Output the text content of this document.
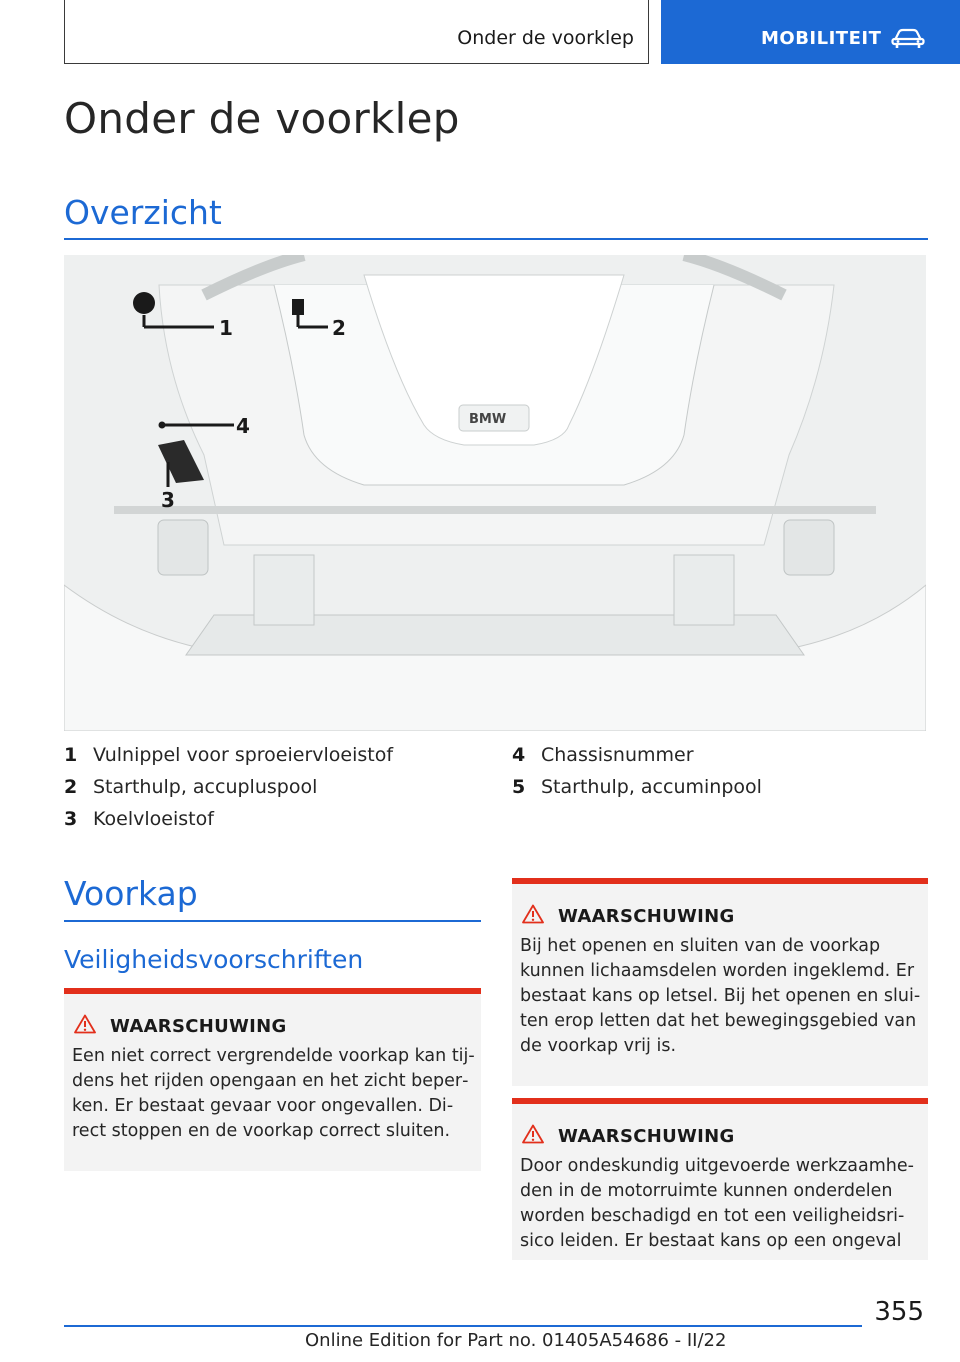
Onder de voorklep	MOBILITEIT
Onder de voorklep
Overzicht
BMW
1	2
3
4
1 Vulnippel voor sproeiervloeistof
2 Starthulp, accupluspool
3 Koelvloeistof
4 Chassisnummer
5 Starthulp, accuminpool
Voorkap
Veiligheidsvoorschriften
WAARSCHUWING

Een niet correct vergrendelde voorkap kan tijdens het rijden opengaan en het zicht beperken. Er bestaat gevaar voor ongevallen. Direct stoppen en de voorkap correct sluiten.

WAARSCHUWING

Bij het openen en sluiten van de voorkap kunnen lichaamsdelen worden ingeklemd. Er bestaat kans op letsel. Bij het openen en sluiten erop letten dat het bewegingsgebied van de voorkap vrij is.

WAARSCHUWING

Door ondeskundig uitgevoerde werkzaamheden in de motorruimte kunnen onderdelen worden beschadigd en tot een veiligheidsrisico leiden. Er bestaat kans op een ongeval

355
Online Edition for Part no. 01405A54686 - II/22
